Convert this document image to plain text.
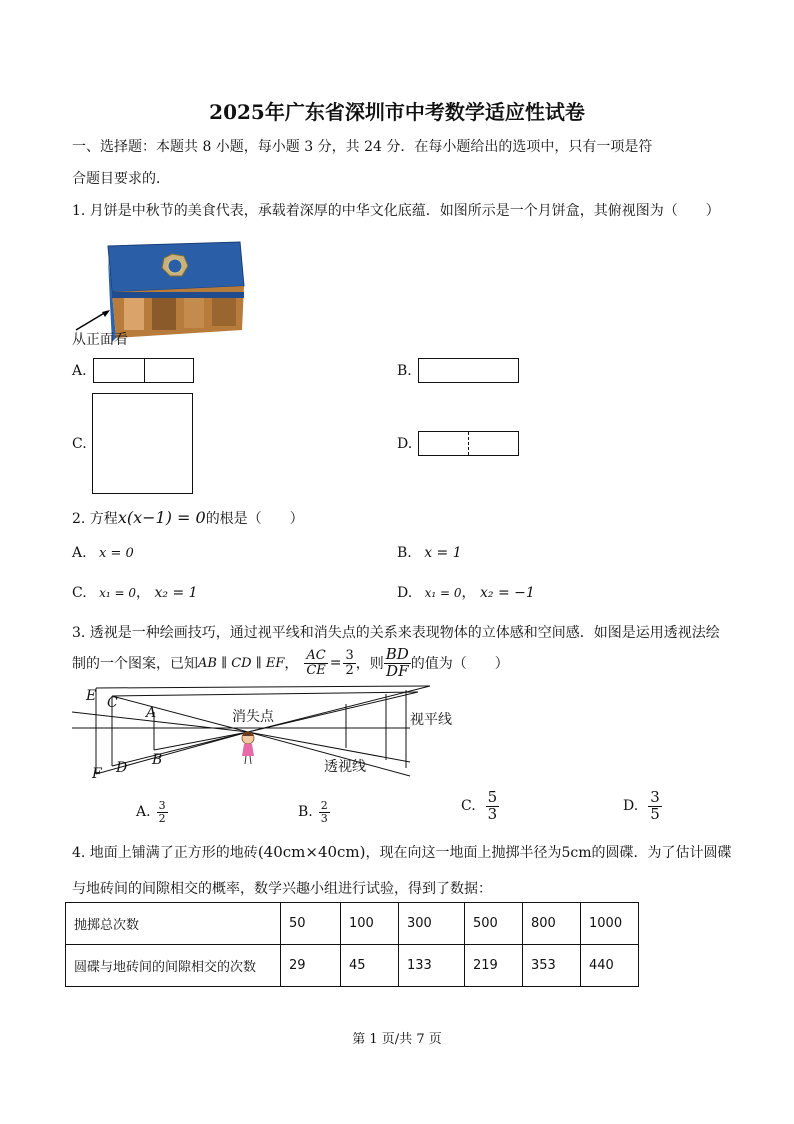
2025年广东省深圳市中考数学适应性试卷
一、选择题：本题共 8 小题，每小题 3 分，共 24 分．在每小题给出的选项中，只有一项是符
合题目要求的．
1. 月饼是中秋节的美食代表，承载着深厚的中华文化底蕴．如图所示是一个月饼盒，其俯视图为（　　）
从正面看
A.	B.
C.	D.
2. 方程x(x−1) = 0的根是（　　）
A. x = 0	B. x = 1
C. x₁ = 0， x₂ = 1	D. x₁ = 0， x₂ = −1
3. 透视是一种绘画技巧，通过视平线和消失点的关系来表现物体的立体感和空间感．如图是运用透视法绘
制的一个图案，已知 AB ∥ CD ∥ EF ， $\frac{AC}{CE} = \frac{3}{2}$ ，则 $\frac{BD}{DF}$ 的值为（　　）
E C
A
F D B
消失点	视平线
透视线
A. $\frac{3}{2}$	B. $\frac{2}{3}$	C. $\frac{5}{3}$	D. $\frac{3}{5}$
4. 地面上铺满了正方形的地砖(40cm×40cm)，现在向这一地面上抛掷半径为5cm的圆碟．为了估计圆碟
与地砖间的间隙相交的概率，数学兴趣小组进行试验，得到了数据：
抛掷总次数	50	100	300	500	800	1000
圆碟与地砖间的间隙相交的次数	29	45	133	219	353	440
第 1 页/共 7 页
